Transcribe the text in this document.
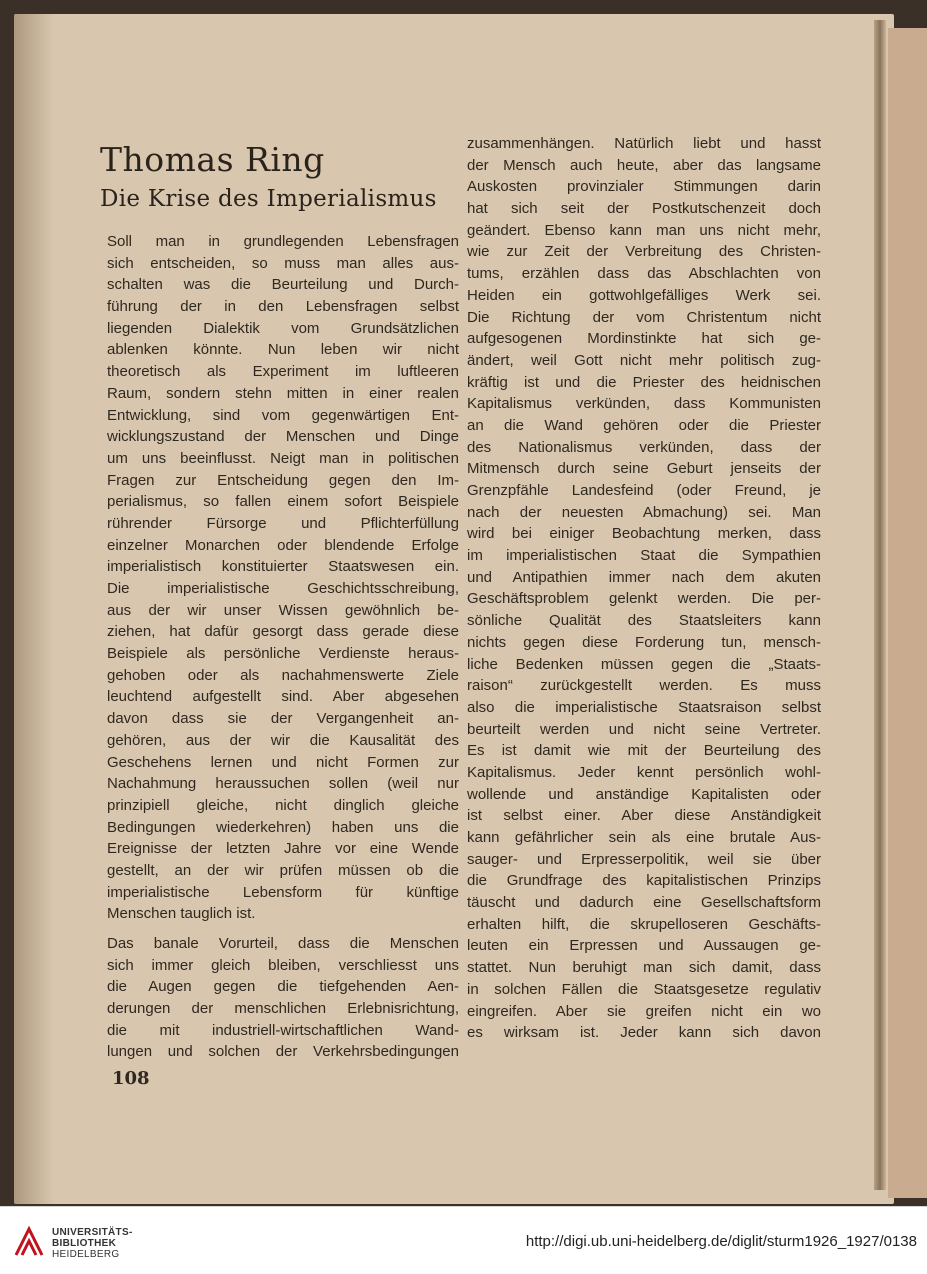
Thomas Ring
Die Krise des Imperialismus
Soll man in grundlegenden Lebensfragen
sich entscheiden, so muss man alles aus-
schalten was die Beurteilung und Durch-
führung der in den Lebensfragen selbst
liegenden Dialektik vom Grundsätzlichen
ablenken könnte. Nun leben wir nicht
theoretisch als Experiment im luftleeren
Raum, sondern stehn mitten in einer realen
Entwicklung, sind vom gegenwärtigen Ent-
wicklungszustand der Menschen und Dinge
um uns beeinflusst. Neigt man in politischen
Fragen zur Entscheidung gegen den Im-
perialismus, so fallen einem sofort Beispiele
rührender Fürsorge und Pflichterfüllung
einzelner Monarchen oder blendende Erfolge
imperialistisch konstituierter Staatswesen ein.
Die imperialistische Geschichtsschreibung,
aus der wir unser Wissen gewöhnlich be-
ziehen, hat dafür gesorgt dass gerade diese
Beispiele als persönliche Verdienste heraus-
gehoben oder als nachahmenswerte Ziele
leuchtend aufgestellt sind. Aber abgesehen
davon dass sie der Vergangenheit an-
gehören, aus der wir die Kausalität des
Geschehens lernen und nicht Formen zur
Nachahmung heraussuchen sollen (weil nur
prinzipiell gleiche, nicht dinglich gleiche
Bedingungen wiederkehren) haben uns die
Ereignisse der letzten Jahre vor eine Wende
gestellt, an der wir prüfen müssen ob die
imperialistische Lebensform für künftige
Menschen tauglich ist.
Das banale Vorurteil, dass die Menschen
sich immer gleich bleiben, verschliesst uns
die Augen gegen die tiefgehenden Aen-
derungen der menschlichen Erlebnisrichtung,
die mit industriell-wirtschaftlichen Wand-
lungen und solchen der Verkehrsbedingungen
zusammenhängen. Natürlich liebt und hasst
der Mensch auch heute, aber das langsame
Auskosten provinzialer Stimmungen darin
hat sich seit der Postkutschenzeit doch
geändert. Ebenso kann man uns nicht mehr,
wie zur Zeit der Verbreitung des Christen-
tums, erzählen dass das Abschlachten von
Heiden ein gottwohlgefälliges Werk sei.
Die Richtung der vom Christentum nicht
aufgesogenen Mordinstinkte hat sich ge-
ändert, weil Gott nicht mehr politisch zug-
kräftig ist und die Priester des heidnischen
Kapitalismus verkünden, dass Kommunisten
an die Wand gehören oder die Priester
des Nationalismus verkünden, dass der
Mitmensch durch seine Geburt jenseits der
Grenzpfähle Landesfeind (oder Freund, je
nach der neuesten Abmachung) sei. Man
wird bei einiger Beobachtung merken, dass
im imperialistischen Staat die Sympathien
und Antipathien immer nach dem akuten
Geschäftsproblem gelenkt werden. Die per-
sönliche Qualität des Staatsleiters kann
nichts gegen diese Forderung tun, mensch-
liche Bedenken müssen gegen die „Staats-
raison“ zurückgestellt werden. Es muss
also die imperialistische Staatsraison selbst
beurteilt werden und nicht seine Vertreter.
Es ist damit wie mit der Beurteilung des
Kapitalismus. Jeder kennt persönlich wohl-
wollende und anständige Kapitalisten oder
ist selbst einer. Aber diese Anständigkeit
kann gefährlicher sein als eine brutale Aus-
sauger- und Erpresserpolitik, weil sie über
die Grundfrage des kapitalistischen Prinzips
täuscht und dadurch eine Gesellschaftsform
erhalten hilft, die skrupelloseren Geschäfts-
leuten ein Erpressen und Aussaugen ge-
stattet. Nun beruhigt man sich damit, dass
in solchen Fällen die Staatsgesetze regulativ
eingreifen. Aber sie greifen nicht ein wo
es wirksam ist. Jeder kann sich davon

108

UNIVERSITÄTS-
BIBLIOTHEK
HEIDELBERG
http://digi.ub.uni-heidelberg.de/diglit/sturm1926_1927/0138
